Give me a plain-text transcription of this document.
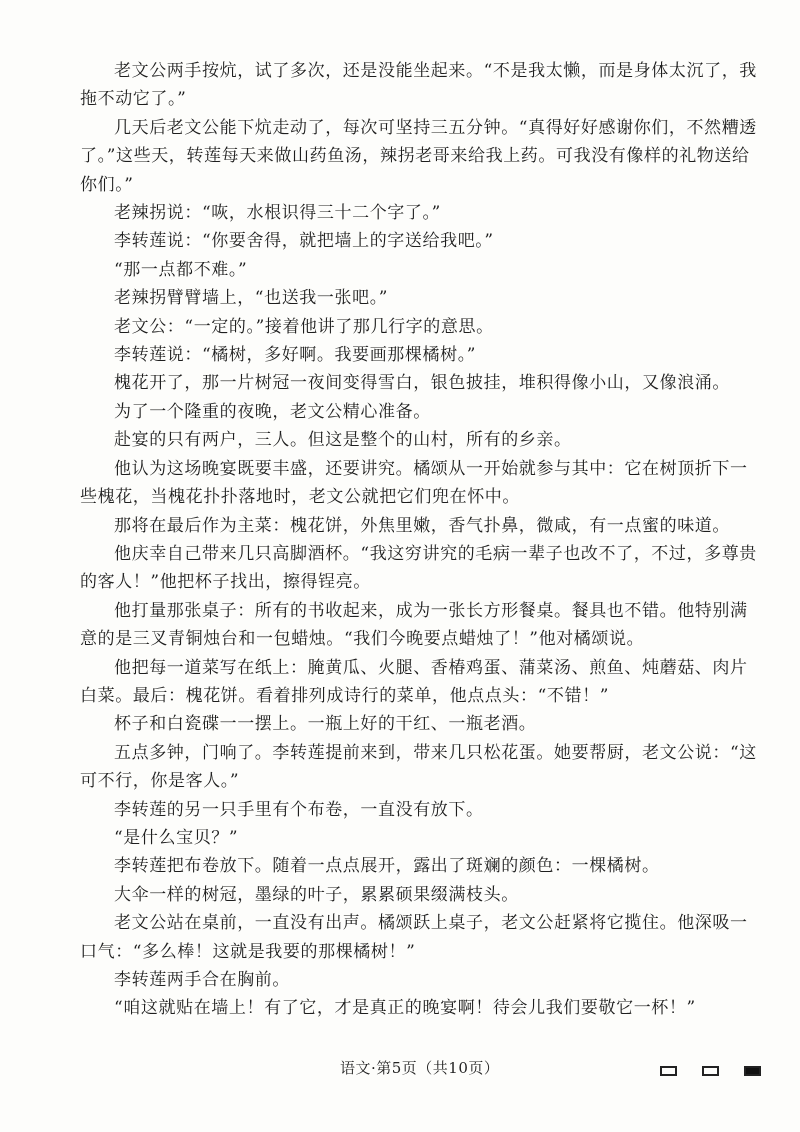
老文公两手按炕，试了多次，还是没能坐起来。“不是我太懒，而是身体太沉了，我拖不动它了。”

几天后老文公能下炕走动了，每次可坚持三五分钟。“真得好好感谢你们，不然糟透了。”这些天，转莲每天来做山药鱼汤，辣拐老哥来给我上药。可我没有像样的礼物送给你们。”

老辣拐说：“咴，水根识得三十二个字了。”

李转莲说：“你要舍得，就把墙上的字送给我吧。”

“那一点都不难。”

老辣拐臂臂墙上，“也送我一张吧。”

老文公：“一定的。”接着他讲了那几行字的意思。

李转莲说：“橘树，多好啊。我要画那棵橘树。”

槐花开了，那一片树冠一夜间变得雪白，银色披挂，堆积得像小山，又像浪涌。

为了一个隆重的夜晚，老文公精心准备。

赴宴的只有两户，三人。但这是整个的山村，所有的乡亲。

他认为这场晚宴既要丰盛，还要讲究。橘颂从一开始就参与其中：它在树顶折下一些槐花，当槐花扑扑落地时，老文公就把它们兜在怀中。

那将在最后作为主菜：槐花饼，外焦里嫩，香气扑鼻，微咸，有一点蜜的味道。

他庆幸自己带来几只高脚酒杯。“我这穷讲究的毛病一辈子也改不了，不过，多尊贵的客人！”他把杯子找出，擦得锃亮。

他打量那张桌子：所有的书收起来，成为一张长方形餐桌。餐具也不错。他特别满意的是三叉青铜烛台和一包蜡烛。“我们今晚要点蜡烛了！”他对橘颂说。

他把每一道菜写在纸上：腌黄瓜、火腿、香椿鸡蛋、蒲菜汤、煎鱼、炖蘑菇、肉片白菜。最后：槐花饼。看着排列成诗行的菜单，他点点头：“不错！”

杯子和白瓷碟一一摆上。一瓶上好的干红、一瓶老酒。

五点多钟，门响了。李转莲提前来到，带来几只松花蛋。她要帮厨，老文公说：“这可不行，你是客人。”

李转莲的另一只手里有个布卷，一直没有放下。

“是什么宝贝？”

李转莲把布卷放下。随着一点点展开，露出了斑斓的颜色：一棵橘树。

大伞一样的树冠，墨绿的叶子，累累硕果缀满枝头。

老文公站在桌前，一直没有出声。橘颂跃上桌子，老文公赶紧将它揽住。他深吸一口气：“多么棒！这就是我要的那棵橘树！”

李转莲两手合在胸前。

“咱这就贴在墙上！有了它，才是真正的晚宴啊！待会儿我们要敬它一杯！”

语文·第5页（共10页）
